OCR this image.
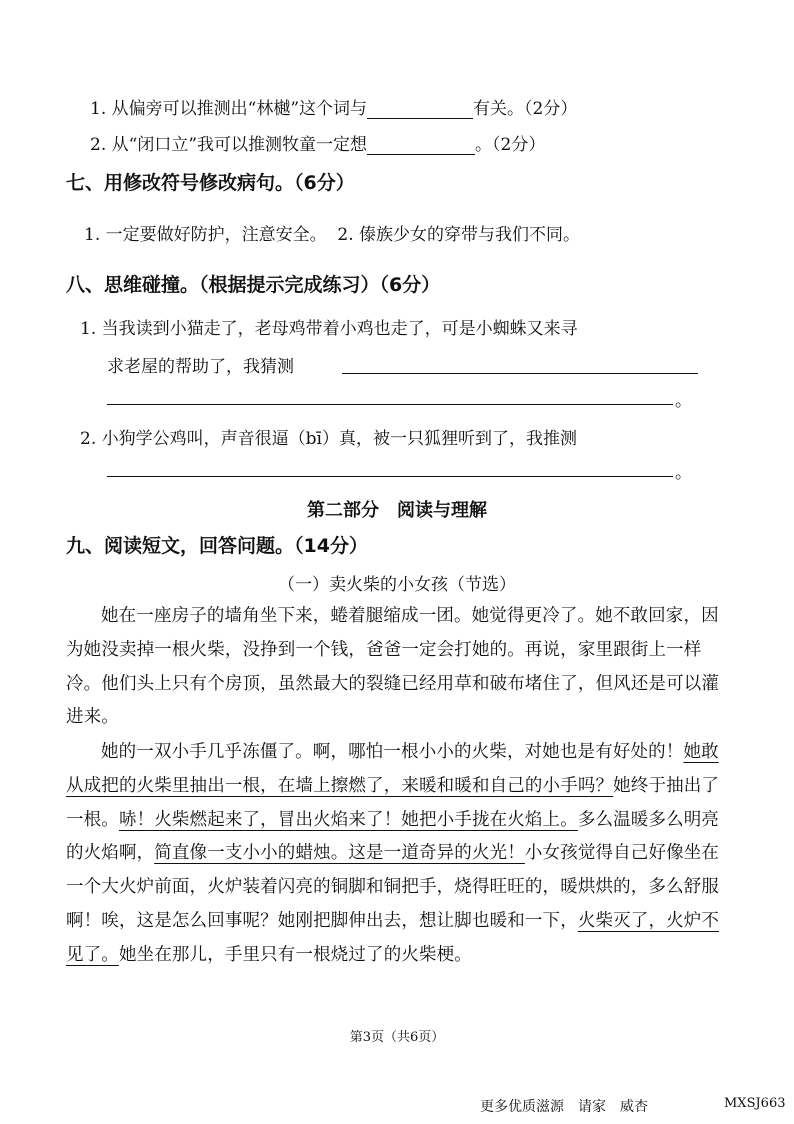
1. 从偏旁可以推测出“林樾”这个词与	有关。（2分）
2. 从“闭口立”我可以推测牧童一定想	。（2分）
七、用修改符号修改病句。（6分）
1. 一定要做好防护，注意安全。  2. 傣族少女的穿带与我们不同。
八、思维碰撞。（根据提示完成练习）（6分）
1. 当我读到小猫走了，老母鸡带着小鸡也走了，可是小蜘蛛又来寻
求老屋的帮助了，我猜测
。
2. 小狗学公鸡叫，声音很逼（bī）真，被一只狐狸听到了，我推测
。
第二部分　阅读与理解
九、阅读短文，回答问题。（14分）
（一）卖火柴的小女孩（节选）
她在一座房子的墙角坐下来，蜷着腿缩成一团。她觉得更冷了。她不敢回家，因为她没卖掉一根火柴，没挣到一个钱，爸爸一定会打她的。再说，家里跟街上一样冷。他们头上只有个房顶，虽然最大的裂缝已经用草和破布堵住了，但风还是可以灌进来。
她的一双小手几乎冻僵了。啊，哪怕一根小小的火柴，对她也是有好处的！她敢从成把的火柴里抽出一根，在墙上擦燃了，来暖和暖和自己的小手吗？她终于抽出了一根。哧！火柴燃起来了，冒出火焰来了！她把小手拢在火焰上。多么温暖多么明亮的火焰啊，简直像一支小小的蜡烛。这是一道奇异的火光！小女孩觉得自己好像坐在一个大火炉前面，火炉装着闪亮的铜脚和铜把手，烧得旺旺的，暖烘烘的，多么舒服啊！唉，这是怎么回事呢？她刚把脚伸出去，想让脚也暖和一下，火柴灭了，火炉不见了。她坐在那儿，手里只有一根烧过了的火柴梗。
第3页（共6页）
更多优质滋源　请家　威杏	MXSJ663
